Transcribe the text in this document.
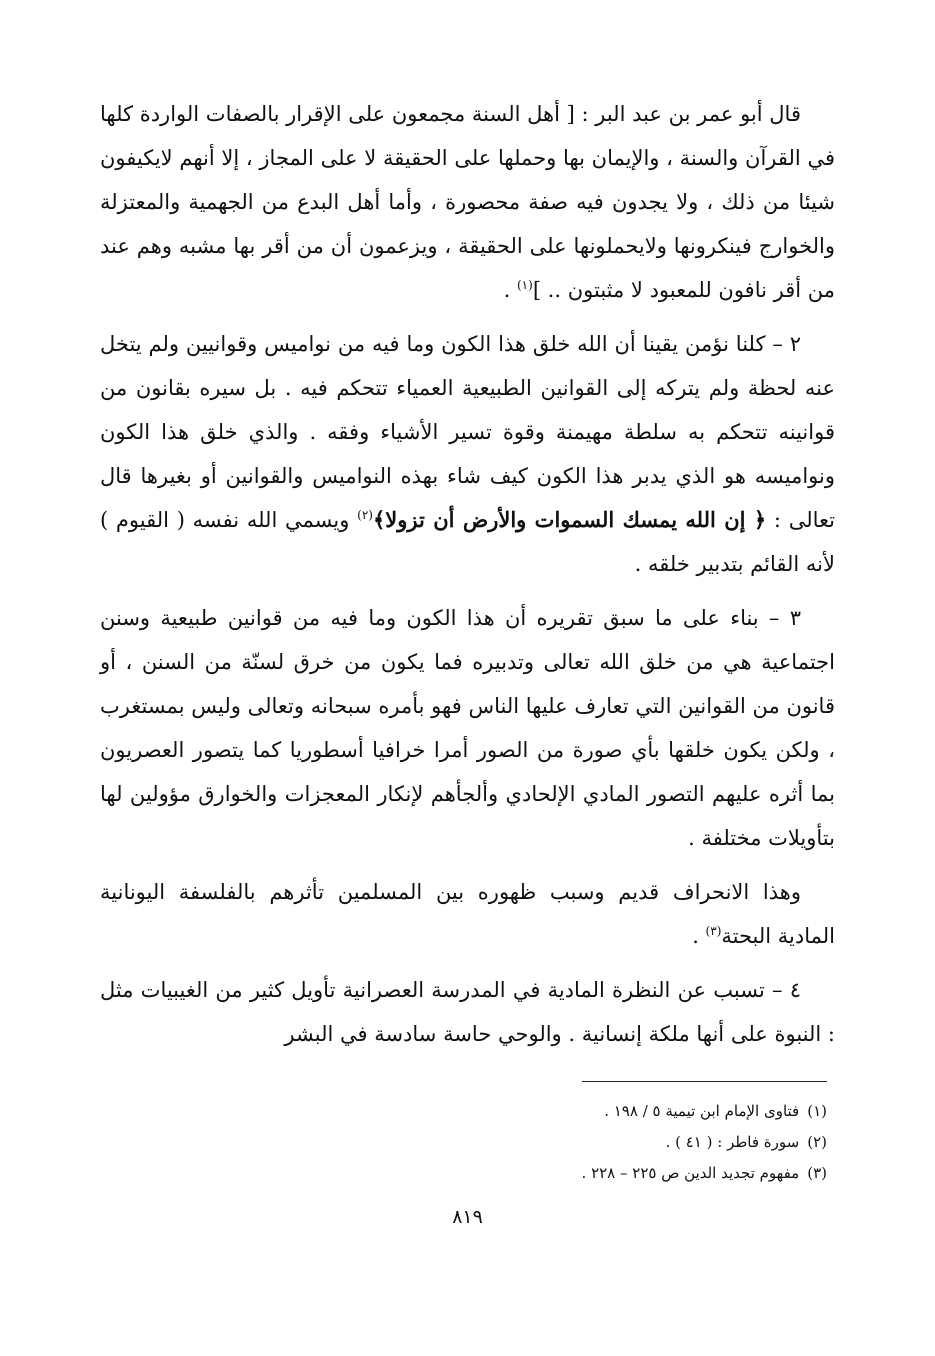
قال أبو عمر بن عبد البر : [ أهل السنة مجمعون على الإقرار بالصفات الواردة كلها في القرآن والسنة ، والإيمان بها وحملها على الحقيقة لا على المجاز ، إلا أنهم لايكيفون شيئا من ذلك ، ولا يجدون فيه صفة محصورة ، وأما أهل البدع من الجهمية والمعتزلة والخوارج فينكرونها ولايحملونها على الحقيقة ، ويزعمون أن من أقر بها مشبه وهم عند من أقر نافون للمعبود لا مثبتون .. ]$^{(١)}$ .

٢ – كلنا نؤمن يقينا أن الله خلق هذا الكون وما فيه من نواميس وقوانيين ولم يتخل عنه لحظة ولم يتركه إلى القوانين الطبيعية العمياء تتحكم فيه . بل سيره بقانون من قوانينه تتحكم به سلطة مهيمنة وقوة تسير الأشياء وفقه . والذي خلق هذا الكون ونواميسه هو الذي يدبر هذا الكون كيف شاء بهذه النواميس والقوانين أو بغيرها قال تعالى : ﴿ إن الله يمسك السموات والأرض أن تزولا﴾$^{(٢)}$ ويسمي الله نفسه ( القيوم ) لأنه القائم بتدبير خلقه .

٣ – بناء على ما سبق تقريره أن هذا الكون وما فيه من قوانين طبيعية وسنن اجتماعية هي من خلق الله تعالى وتدبيره فما يكون من خرق لسنّة من السنن ، أو قانون من القوانين التي تعارف عليها الناس فهو بأمره سبحانه وتعالى وليس بمستغرب ، ولكن يكون خلقها بأي صورة من الصور أمرا خرافيا أسطوريا كما يتصور العصريون بما أثره عليهم التصور المادي الإلحادي وألجأهم لإنكار المعجزات والخوارق مؤولين لها بتأويلات مختلفة .

وهذا الانحراف قديم وسبب ظهوره بين المسلمين تأثرهم بالفلسفة اليونانية المادية البحتة$^{(٣)}$ .

٤ – تسبب عن النظرة المادية في المدرسة العصرانية تأويل كثير من الغيبيات مثل : النبوة على أنها ملكة إنسانية . والوحي حاسة سادسة في البشر

(١)فتاوى الإمام ابن تيمية ٥ / ١٩٨ .
(٢)سورة فاطر : ( ٤١ ) .
(٣)مفهوم تجديد الدين ص ٢٢٥ – ٢٢٨ .
٨١٩
